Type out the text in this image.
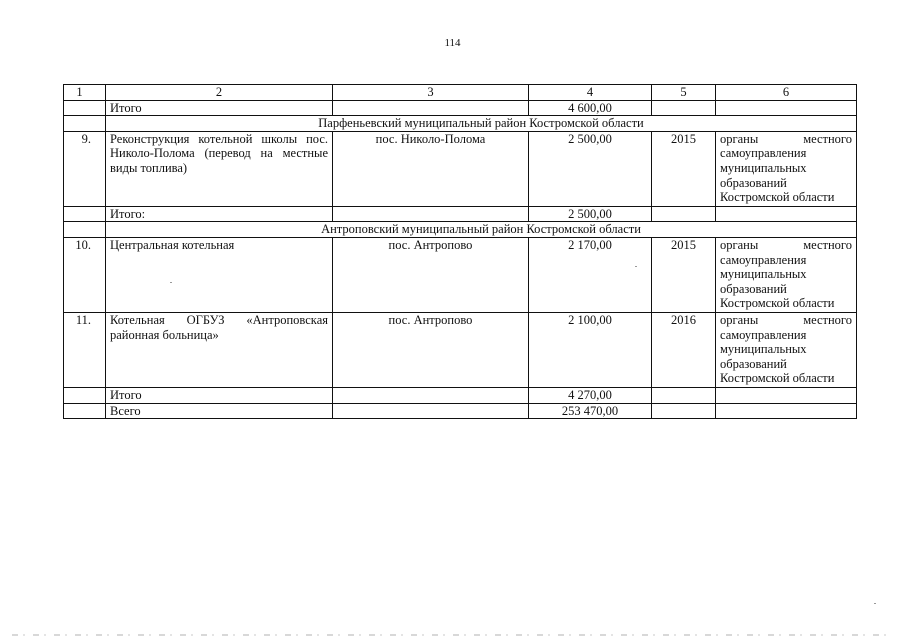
114
1	2	3	4	5	6
	Итого		4 600,00		
	Парфеньевский муниципальный район Костромской области				
9.	Реконструкция котельной школы пос. Николо-Полома (перевод на местные виды топлива)	пос. Николо-Полома	2 500,00	2015	органы местного
самоуправления муниципальных образований Костромской области

	Итого:		2 500,00		
	Антроповский муниципальный район Костромской области				
10.	Центральная котельная	пос. Антропово	2 170,00	2015	органы местного
самоуправления муниципальных образований Костромской области

11.	Котельная ОГБУЗ «Антроповская районная больница»	пос. Антропово	2 100,00	2016	органы местного
самоуправления муниципальных образований Костромской области

	Итого		4 270,00		
	Всего		253 470,00		
